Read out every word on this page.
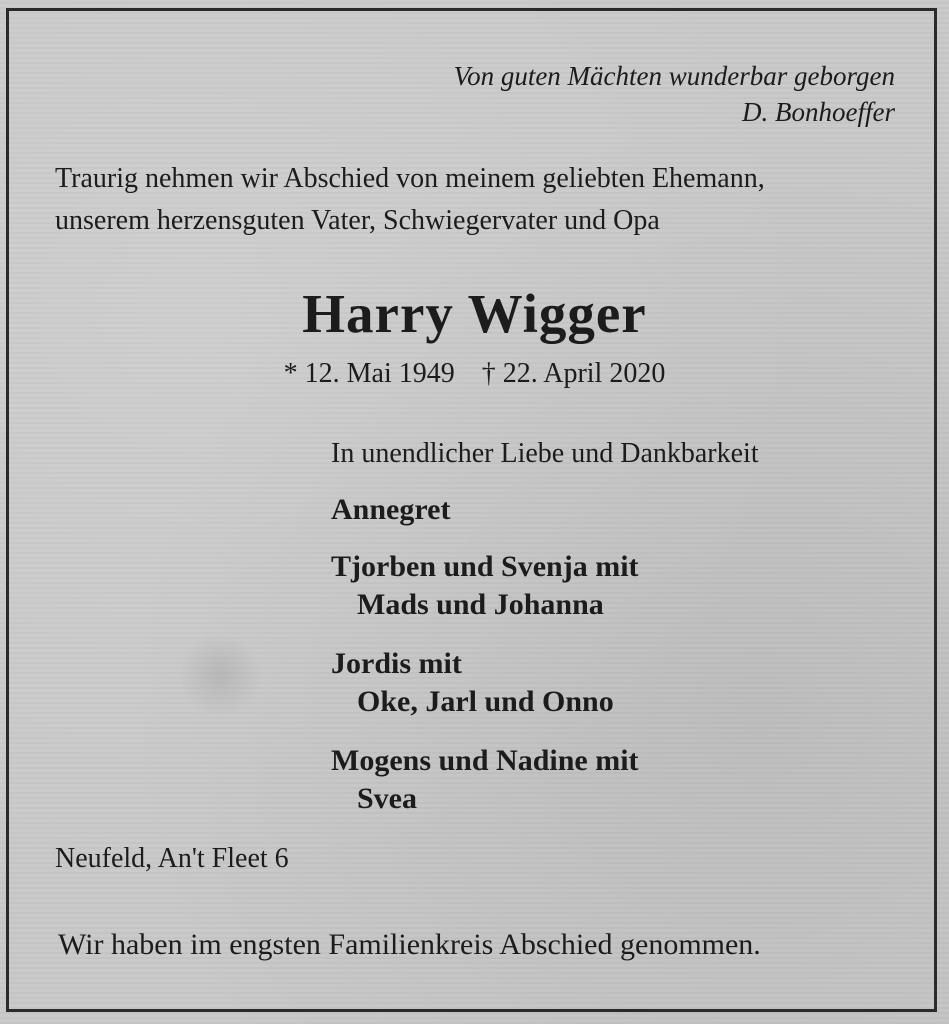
Von guten Mächten wunderbar geborgen
D. Bonhoeffer
Traurig nehmen wir Abschied von meinem geliebten Ehemann,
unserem herzensguten Vater, Schwiegervater und Opa
Harry Wigger
* 12. Mai 1949 † 22. April 2020
In unendlicher Liebe und Dankbarkeit
Annegret
Tjorben und Svenja mit
Mads und Johanna
Jordis mit
Oke, Jarl und Onno
Mogens und Nadine mit
Svea
Neufeld, An't Fleet 6
Wir haben im engsten Familienkreis Abschied genommen.
